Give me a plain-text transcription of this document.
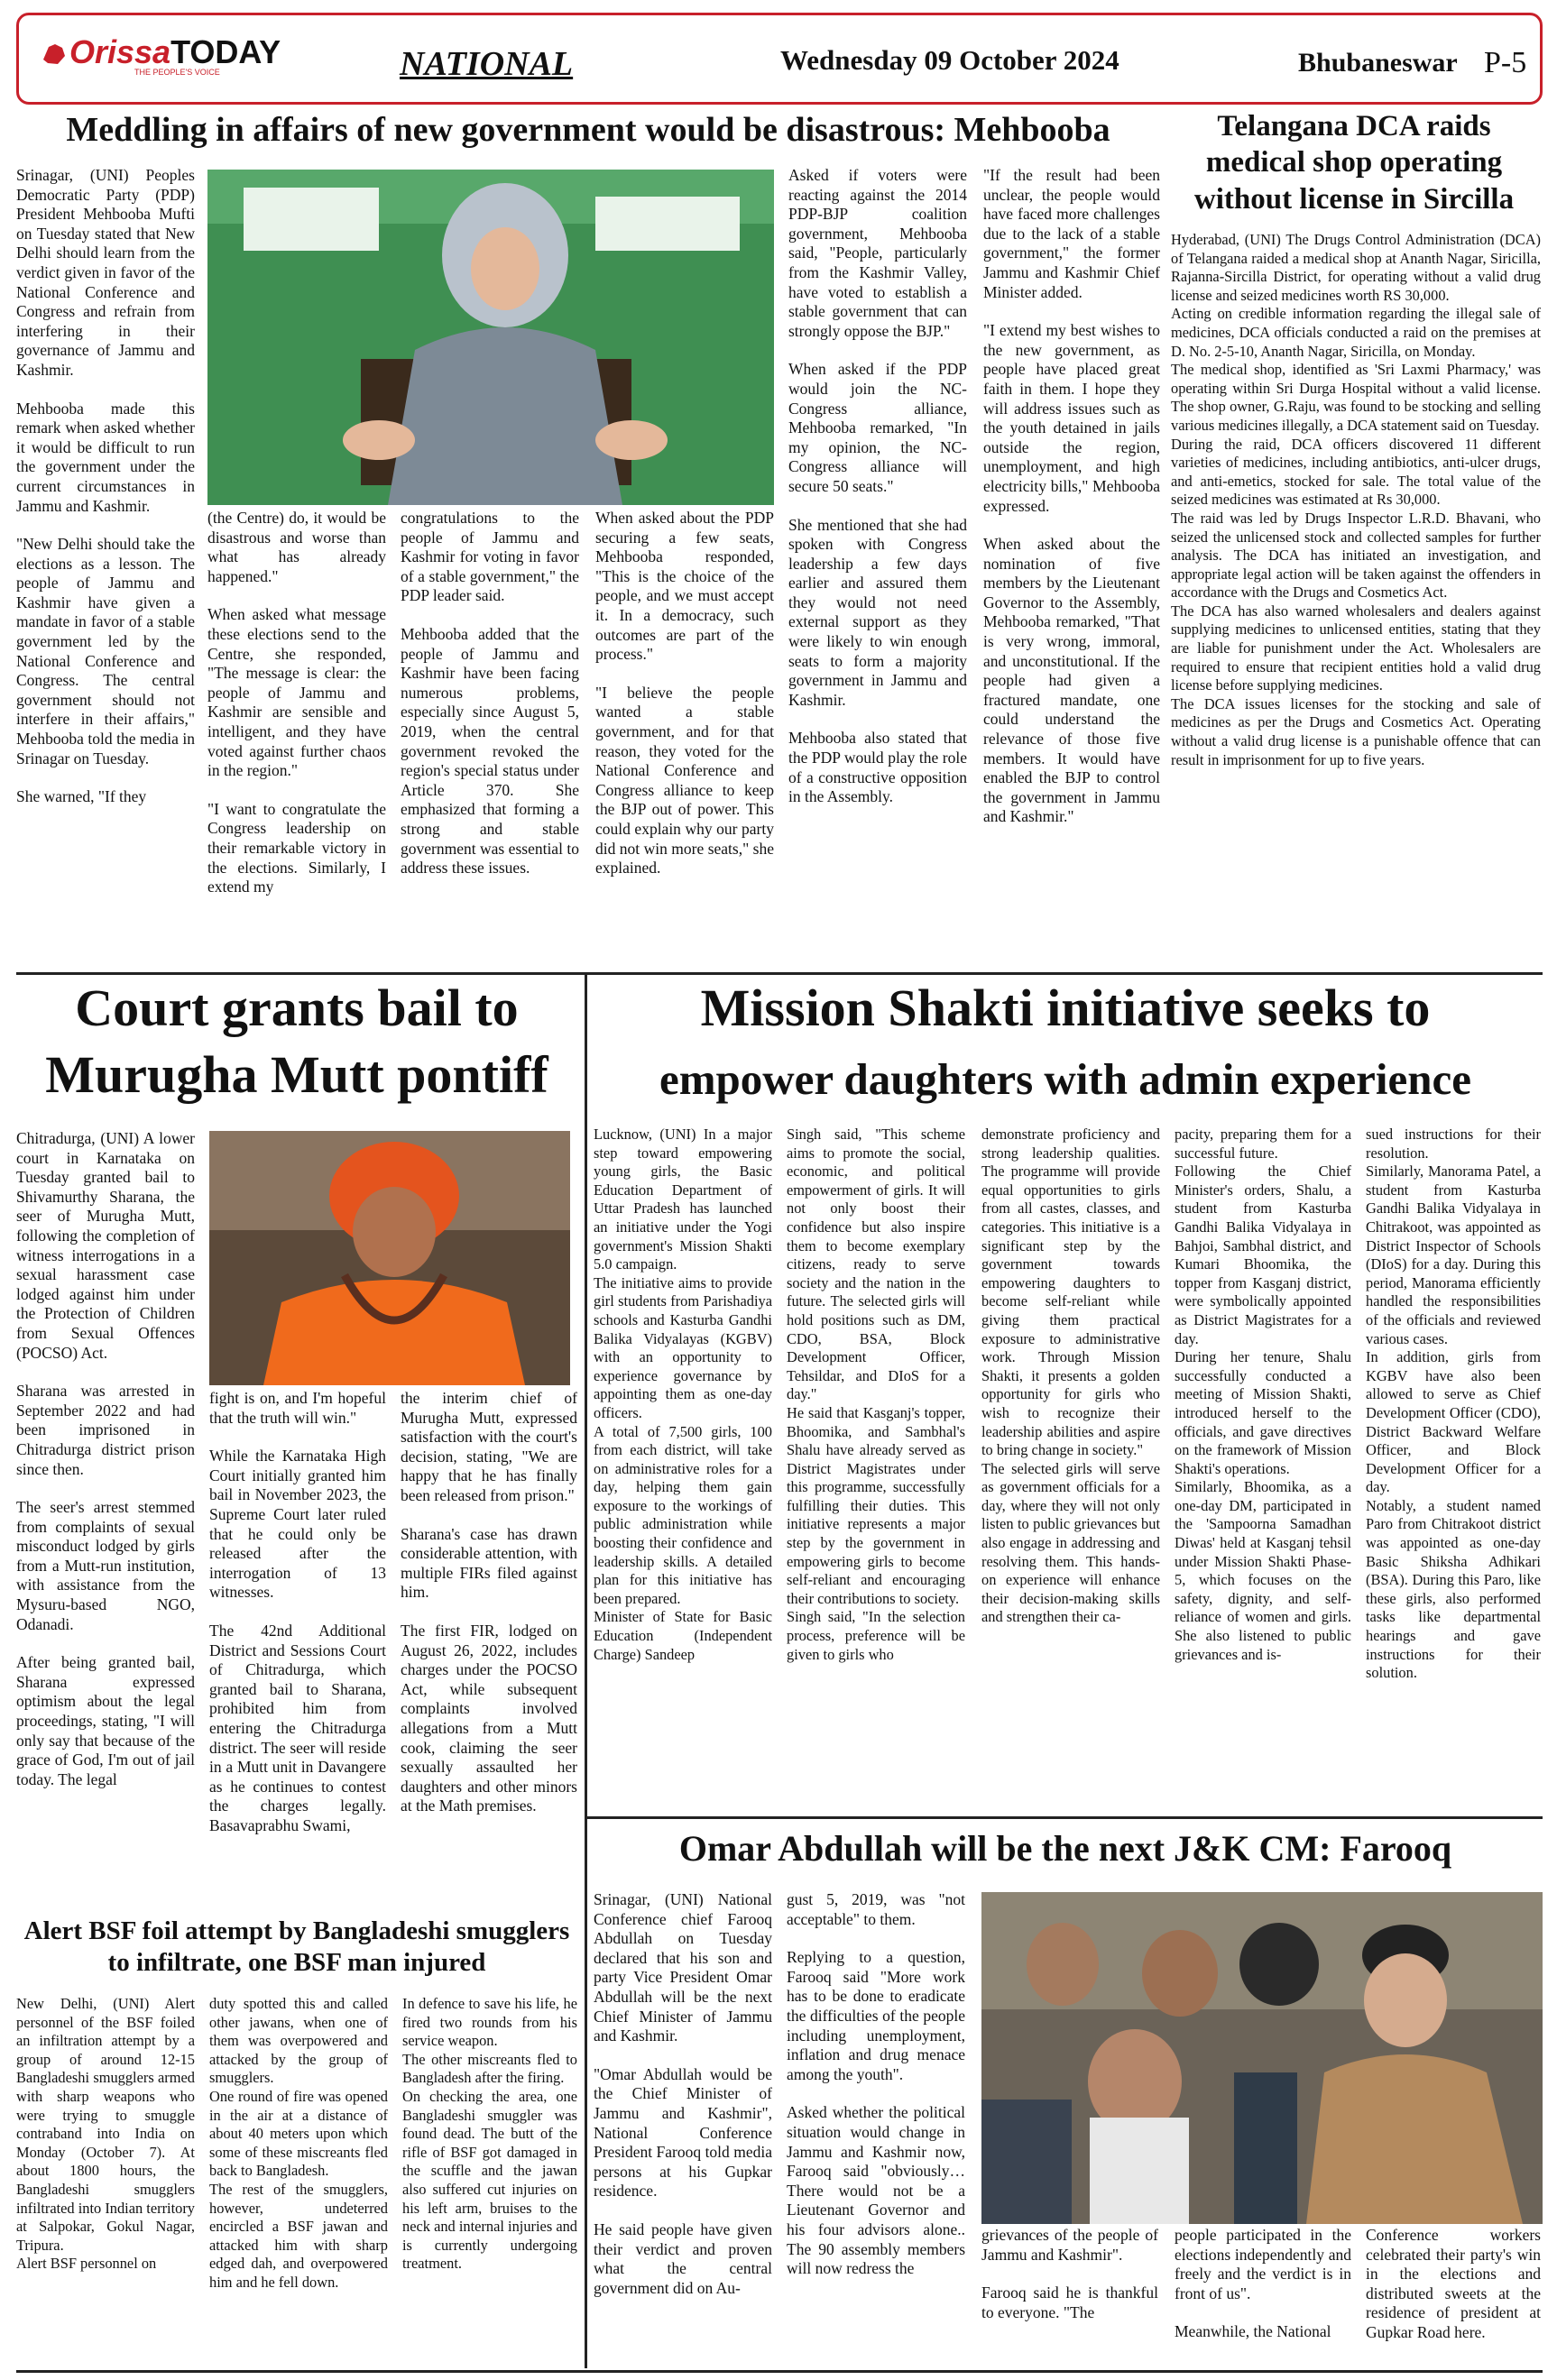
OrissaTODAY
THE PEOPLE'S VOICE	NATIONAL	Wednesday 09 October 2024	Bhubaneswar P-5
Meddling in affairs of new government would be disastrous: Mehbooba

Srinagar, (UNI) Peoples Democratic Party (PDP) President Mehbooba Mufti on Tuesday stated that New Delhi should learn from the verdict given in favor of the National Conference and Congress and refrain from interfering in their governance of Jammu and Kashmir.

Mehbooba made this remark when asked whether it would be difficult to run the government under the current circumstances in Jammu and Kashmir.

"New Delhi should take the elections as a lesson. The people of Jammu and Kashmir have given a mandate in favor of a stable government led by the National Conference and Congress. The central government should not interfere in their affairs," Mehbooba told the media in Srinagar on Tuesday.

She warned, "If they

(the Centre) do, it would be disastrous and worse than what has already happened."

When asked what message these elections send to the Centre, she responded, "The message is clear: the people of Jammu and Kashmir are sensible and intelligent, and they have voted against further chaos in the region."

"I want to congratulate the Congress leadership on their remarkable victory in the elections. Similarly, I extend my

congratulations to the people of Jammu and Kashmir for voting in favor of a stable government," the PDP leader said.

Mehbooba added that the people of Jammu and Kashmir have been facing numerous problems, especially since August 5, 2019, when the central government revoked the region's special status under Article 370. She emphasized that forming a strong and stable government was essential to address these issues.

When asked about the PDP securing a few seats, Mehbooba responded, "This is the choice of the people, and we must accept it. In a democracy, such outcomes are part of the process."

"I believe the people wanted a stable government, and for that reason, they voted for the National Conference and Congress alliance to keep the BJP out of power. This could explain why our party did not win more seats," she explained.

Asked if voters were reacting against the 2014 PDP-BJP coalition government, Mehbooba said, "People, particularly from the Kashmir Valley, have voted to establish a stable government that can strongly oppose the BJP."

When asked if the PDP would join the NC-Congress alliance, Mehbooba remarked, "In my opinion, the NC-Congress alliance will secure 50 seats."

She mentioned that she had spoken with Congress leadership a few days earlier and assured them they would not need external support as they were likely to win enough seats to form a majority government in Jammu and Kashmir.

Mehbooba also stated that the PDP would play the role of a constructive opposition in the Assembly.

"If the result had been unclear, the people would have faced more challenges due to the lack of a stable government," the former Jammu and Kashmir Chief Minister added.

"I extend my best wishes to the new government, as people have placed great faith in them. I hope they will address issues such as the youth detained in jails outside the region, unemployment, and high electricity bills," Mehbooba expressed.

When asked about the nomination of five members by the Lieutenant Governor to the Assembly, Mehbooba remarked, "That is very wrong, immoral, and unconstitutional. If the people had given a fractured mandate, one could understand the relevance of those five members. It would have enabled the BJP to control the government in Jammu and Kashmir."

Telangana DCA raids medical shop operating without license in Sircilla

Hyderabad, (UNI) The Drugs Control Administration (DCA) of Telangana raided a medical shop at Ananth Nagar, Siricilla, Rajanna-Sircilla District, for operating without a valid drug license and seized medicines worth RS 30,000.

Acting on credible information regarding the illegal sale of medicines, DCA officials conducted a raid on the premises at D. No. 2-5-10, Ananth Nagar, Siricilla, on Monday.

The medical shop, identified as 'Sri Laxmi Pharmacy,' was operating within Sri Durga Hospital without a valid license. The shop owner, G.Raju, was found to be stocking and selling various medicines illegally, a DCA statement said on Tuesday.

During the raid, DCA officers discovered 11 different varieties of medicines, including antibiotics, anti-ulcer drugs, and anti-emetics, stocked for sale. The total value of the seized medicines was estimated at Rs 30,000.

The raid was led by Drugs Inspector L.R.D. Bhavani, who seized the unlicensed stock and collected samples for further analysis. The DCA has initiated an investigation, and appropriate legal action will be taken against the offenders in accordance with the Drugs and Cosmetics Act.

The DCA has also warned wholesalers and dealers against supplying medicines to unlicensed entities, stating that they are liable for punishment under the Act. Wholesalers are required to ensure that recipient entities hold a valid drug license before supplying medicines.

The DCA issues licenses for the stocking and sale of medicines as per the Drugs and Cosmetics Act. Operating without a valid drug license is a punishable offence that can result in imprisonment for up to five years.

Court grants bail to
Murugha Mutt pontiff

Chitradurga, (UNI) A lower court in Karnataka on Tuesday granted bail to Shivamurthy Sharana, the seer of Murugha Mutt, following the completion of witness interrogations in a sexual harassment case lodged against him under the Protection of Children from Sexual Offences (POCSO) Act.

Sharana was arrested in September 2022 and had been imprisoned in Chitradurga district prison since then.

The seer's arrest stemmed from complaints of sexual misconduct lodged by girls from a Mutt-run institution, with assistance from the Mysuru-based NGO, Odanadi.

After being granted bail, Sharana expressed optimism about the legal proceedings, stating, "I will only say that because of the grace of God, I'm out of jail today. The legal

fight is on, and I'm hopeful that the truth will win."

While the Karnataka High Court initially granted him bail in November 2023, the Supreme Court later ruled that he could only be released after the interrogation of 13 witnesses.

The 42nd Additional District and Sessions Court of Chitradurga, which granted bail to Sharana, prohibited him from entering the Chitradurga district. The seer will reside in a Mutt unit in Davangere as he continues to contest the charges legally. Basavaprabhu Swami,

the interim chief of Murugha Mutt, expressed satisfaction with the court's decision, stating, "We are happy that he has finally been released from prison."

Sharana's case has drawn considerable attention, with multiple FIRs filed against him.

The first FIR, lodged on August 26, 2022, includes charges under the POCSO Act, while subsequent complaints involved allegations from a Mutt cook, claiming the seer sexually assaulted her daughters and other minors at the Math premises.

Alert BSF foil attempt by Bangladeshi smugglers to infiltrate, one BSF man injured

New Delhi, (UNI) Alert personnel of the BSF foiled an infiltration attempt by a group of around 12-15 Bangladeshi smugglers armed with sharp weapons who were trying to smuggle contraband into India on Monday (October 7). At about 1800 hours, the Bangladeshi smugglers infiltrated into Indian territory at Salpokar, Gokul Nagar, Tripura.

Alert BSF personnel on

duty spotted this and called other jawans, when one of them was overpowered and attacked by the group of smugglers.

One round of fire was opened in the air at a distance of about 40 meters upon which some of these miscreants fled back to Bangladesh.

The rest of the smugglers, however, undeterred encircled a BSF jawan and attacked him with sharp edged dah, and overpowered him and he fell down.

In defence to save his life, he fired two rounds from his service weapon.

The other miscreants fled to Bangladesh after the firing.

On checking the area, one Bangladeshi smuggler was found dead. The butt of the rifle of BSF got damaged in the scuffle and the jawan also suffered cut injuries on his left arm, bruises to the neck and internal injuries and is currently undergoing treatment.

Mission Shakti initiative seeks to
empower daughters with admin experience

Lucknow, (UNI) In a major step toward empowering young girls, the Basic Education Department of Uttar Pradesh has launched an initiative under the Yogi government's Mission Shakti 5.0 campaign.

The initiative aims to provide girl students from Parishadiya schools and Kasturba Gandhi Balika Vidyalayas (KGBV) with an opportunity to experience governance by appointing them as one-day officers.

A total of 7,500 girls, 100 from each district, will take on administrative roles for a day, helping them gain exposure to the workings of public administration while boosting their confidence and leadership skills. A detailed plan for this initiative has been prepared.

Minister of State for Basic Education (Independent Charge) Sandeep

Singh said, "This scheme aims to promote the social, economic, and political empowerment of girls. It will not only boost their confidence but also inspire them to become exemplary citizens, ready to serve society and the nation in the future. The selected girls will hold positions such as DM, CDO, BSA, Block Development Officer, Tehsildar, and DIoS for a day."

He said that Kasganj's topper, Bhoomika, and Sambhal's Shalu have already served as District Magistrates under this programme, successfully fulfilling their duties. This initiative represents a major step by the government in empowering girls to become self-reliant and encouraging their contributions to society.

Singh said, "In the selection process, preference will be given to girls who

demonstrate proficiency and strong leadership qualities. The programme will provide equal opportunities to girls from all castes, classes, and categories. This initiative is a significant step by the government towards empowering daughters to become self-reliant while giving them practical exposure to administrative work. Through Mission Shakti, it presents a golden opportunity for girls who wish to recognize their leadership abilities and aspire to bring change in society."

The selected girls will serve as government officials for a day, where they will not only listen to public grievances but also engage in addressing and resolving them. This hands-on experience will enhance their decision-making skills and strengthen their ca-

pacity, preparing them for a successful future.

Following the Chief Minister's orders, Shalu, a student from Kasturba Gandhi Balika Vidyalaya in Bahjoi, Sambhal district, and Kumari Bhoomika, the topper from Kasganj district, were symbolically appointed as District Magistrates for a day.

During her tenure, Shalu successfully conducted a meeting of Mission Shakti, introduced herself to the officials, and gave directives on the framework of Mission Shakti's operations.

Similarly, Bhoomika, as a one-day DM, participated in the 'Sampoorna Samadhan Diwas' held at Kasganj tehsil under Mission Shakti Phase-5, which focuses on the safety, dignity, and self-reliance of women and girls. She also listened to public grievances and is-

sued instructions for their resolution.

Similarly, Manorama Patel, a student from Kasturba Gandhi Balika Vidyalaya in Chitrakoot, was appointed as District Inspector of Schools (DIoS) for a day. During this period, Manorama efficiently handled the responsibilities of the officials and reviewed various cases.

In addition, girls from KGBV have also been allowed to serve as Chief Development Officer (CDO), District Backward Welfare Officer, and Block Development Officer for a day.

Notably, a student named Paro from Chitrakoot district was appointed as one-day Basic Shiksha Adhikari (BSA). During this Paro, like these girls, also performed tasks like departmental hearings and gave instructions for their solution.

Omar Abdullah will be the next J&K CM: Farooq

Srinagar, (UNI) National Conference chief Farooq Abdullah on Tuesday declared that his son and party Vice President Omar Abdullah will be the next Chief Minister of Jammu and Kashmir.

"Omar Abdullah would be the Chief Minister of Jammu and Kashmir", National Conference President Farooq told media persons at his Gupkar residence.

He said people have given their verdict and proven what the central government did on Au-

gust 5, 2019, was "not acceptable" to them.

Replying to a question, Farooq said "More work has to be done to eradicate the difficulties of the people including unemployment, inflation and drug menace among the youth".

Asked whether the political situation would change in Jammu and Kashmir now, Farooq said "obviously… There would not be a Lieutenant Governor and his four advisors alone.. The 90 assembly members will now redress the

grievances of the people of Jammu and Kashmir".

Farooq said he is thankful to everyone. "The

people participated in the elections independently and freely and the verdict is in front of us".

Meanwhile, the National

Conference workers celebrated their party's win in the elections and distributed sweets at the residence of president at Gupkar Road here.
